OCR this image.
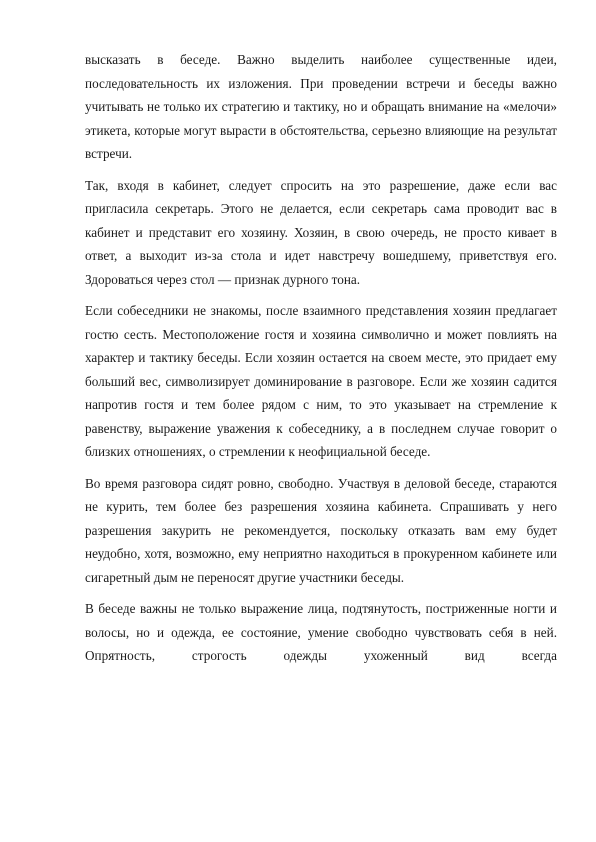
высказать в беседе. Важно выделить наиболее существенные идеи, последовательность их изложения. При проведении встречи и беседы важно учитывать не только их стратегию и тактику, но и обращать внимание на «мелочи» этикета, которые могут вырасти в обстоятельства, серьезно влияющие на результат встречи.

Так, входя в кабинет, следует спросить на это разрешение, даже если вас пригласила секретарь. Этого не делается, если секретарь сама проводит вас в кабинет и представит его хозяину. Хозяин, в свою очередь, не просто кивает в ответ, а выходит из-за стола и идет навстречу вошедшему, приветствуя его. Здороваться через стол — признак дурного тона.

Если собеседники не знакомы, после взаимного представления хозяин предлагает гостю сесть. Местоположение гостя и хозяина символично и может повлиять на характер и тактику беседы. Если хозяин остается на своем месте, это придает ему больший вес, символизирует доминирование в разговоре. Если же хозяин садится напротив гостя и тем более рядом с ним, то это указывает на стремление к равенству, выражение уважения к собеседнику, а в последнем случае говорит о близких отношениях, о стремлении к неофициальной беседе.

Во время разговора сидят ровно, свободно. Участвуя в деловой беседе, стараются не курить, тем более без разрешения хозяина кабинета. Спрашивать у него разрешения закурить не рекомендуется, поскольку отказать вам ему будет неудобно, хотя, возможно, ему неприятно находиться в прокуренном кабинете или сигаретный дым не переносят другие участники беседы.

В беседе важны не только выражение лица, подтянутость, постриженные ногти и волосы, но и одежда, ее состояние, умение свободно чувствовать себя в ней. Опрятность, строгость одежды ухоженный вид всегда
